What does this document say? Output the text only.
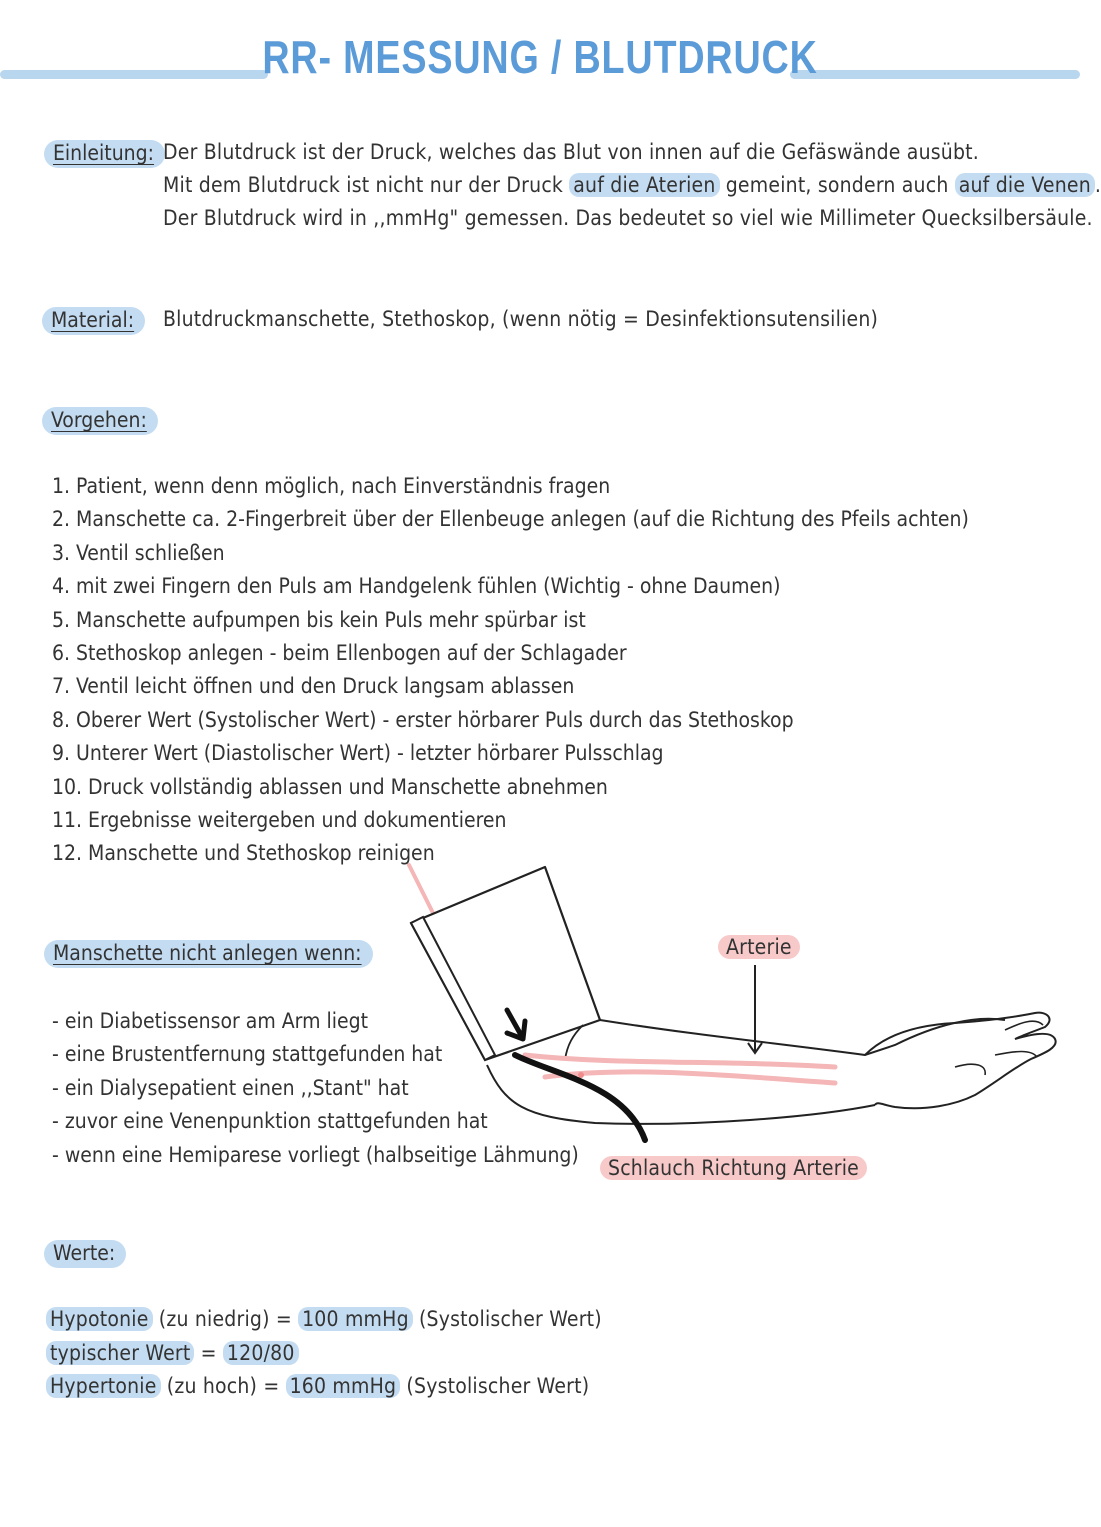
RR- MESSUNG / BLUTDRUCK
Einleitung: Der Blutdruck ist der Druck, welches das Blut von innen auf die Gefäswände ausübt.
Mit dem Blutdruck ist nicht nur der Druck auf die Aterien gemeint, sondern auch auf die Venen .
Der Blutdruck wird in ,,mmHg" gemessen. Das bedeutet so viel wie Millimeter Quecksilbersäule.
Material:	Blutdruckmanschette, Stethoskop, (wenn nötig = Desinfektionsutensilien)
Vorgehen:
1. Patient, wenn denn möglich, nach Einverständnis fragen
2. Manschette ca. 2-Fingerbreit über der Ellenbeuge anlegen (auf die Richtung des Pfeils achten)
3. Ventil schließen
4. mit zwei Fingern den Puls am Handgelenk fühlen (Wichtig - ohne Daumen)
5. Manschette aufpumpen bis kein Puls mehr spürbar ist
6. Stethoskop anlegen - beim Ellenbogen auf der Schlagader
7. Ventil leicht öffnen und den Druck langsam ablassen
8. Oberer Wert (Systolischer Wert) - erster hörbarer Puls durch das Stethoskop
9. Unterer Wert (Diastolischer Wert) - letzter hörbarer Pulsschlag
10. Druck vollständig ablassen und Manschette abnehmen
11. Ergebnisse weitergeben und dokumentieren
12. Manschette und Stethoskop reinigen
Manschette nicht anlegen wenn:
- ein Diabetissensor am Arm liegt
- eine Brustentfernung stattgefunden hat
- ein Dialysepatient einen ,,Stant" hat
- zuvor eine Venenpunktion stattgefunden hat
- wenn eine Hemiparese vorliegt (halbseitige Lähmung)
Arterie
Schlauch Richtung Arterie
Werte:
Hypotonie (zu niedrig) = 100 mmHg (Systolischer Wert)
typischer Wert = 120/80
Hypertonie (zu hoch) = 160 mmHg (Systolischer Wert)
